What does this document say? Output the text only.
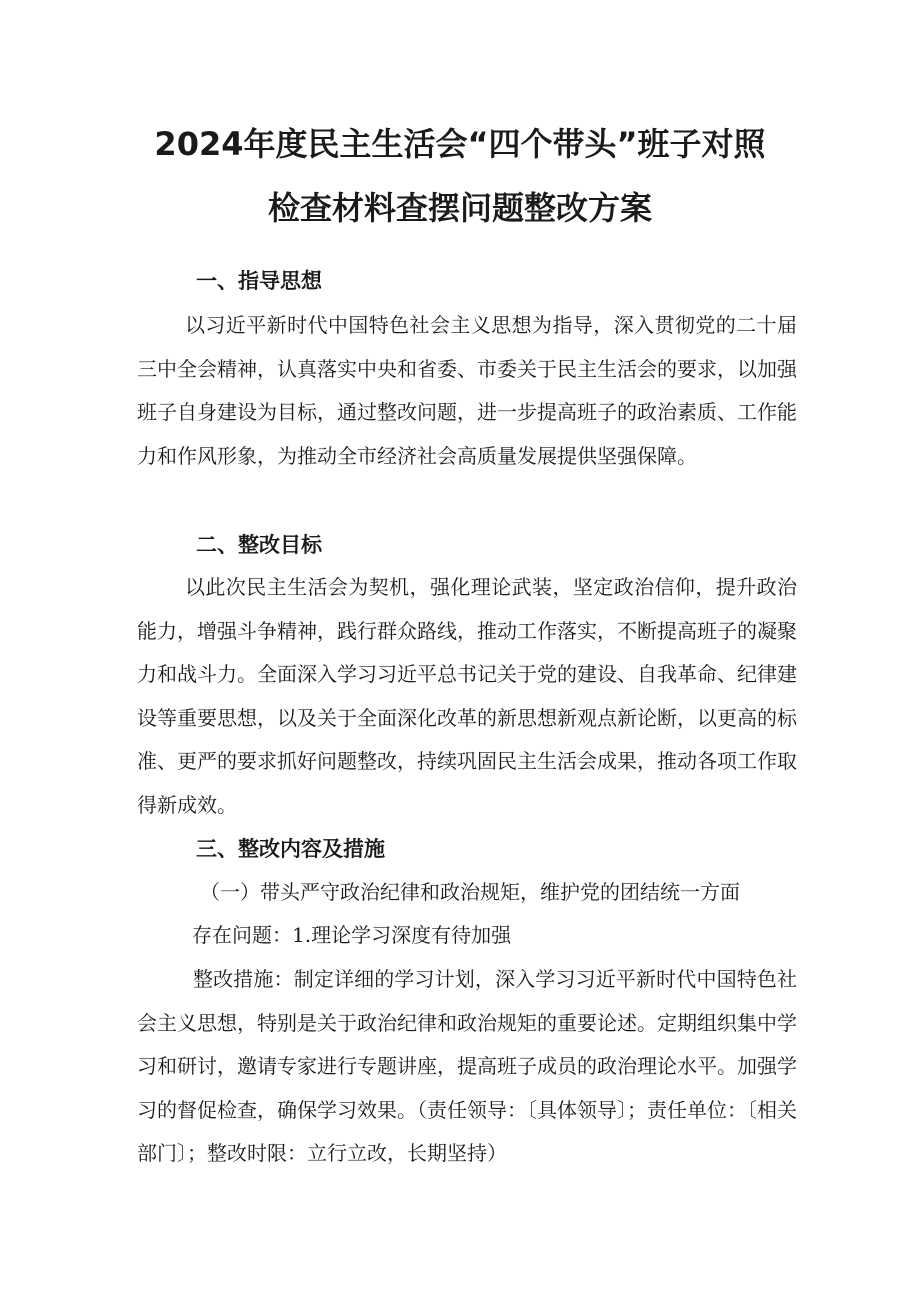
2024年度民主生活会“四个带头”班子对照
检查材料查摆问题整改方案
一、指导思想
以习近平新时代中国特色社会主义思想为指导，深入贯彻党的二十届三中全会精神，认真落实中央和省委、市委关于民主生活会的要求，以加强班子自身建设为目标，通过整改问题，进一步提高班子的政治素质、工作能力和作风形象，为推动全市经济社会高质量发展提供坚强保障。
二、整改目标
以此次民主生活会为契机，强化理论武装，坚定政治信仰，提升政治能力，增强斗争精神，践行群众路线，推动工作落实，不断提高班子的凝聚力和战斗力。全面深入学习习近平总书记关于党的建设、自我革命、纪律建设等重要思想，以及关于全面深化改革的新思想新观点新论断，以更高的标准、更严的要求抓好问题整改，持续巩固民主生活会成果，推动各项工作取得新成效。
三、整改内容及措施
（一）带头严守政治纪律和政治规矩，维护党的团结统一方面
存在问题：1.理论学习深度有待加强
整改措施：制定详细的学习计划，深入学习习近平新时代中国特色社会主义思想，特别是关于政治纪律和政治规矩的重要论述。定期组织集中学习和研讨，邀请专家进行专题讲座，提高班子成员的政治理论水平。加强学习的督促检查，确保学习效果。（责任领导：〔具体领导〕；责任单位：〔相关部门〕；整改时限：立行立改，长期坚持）
